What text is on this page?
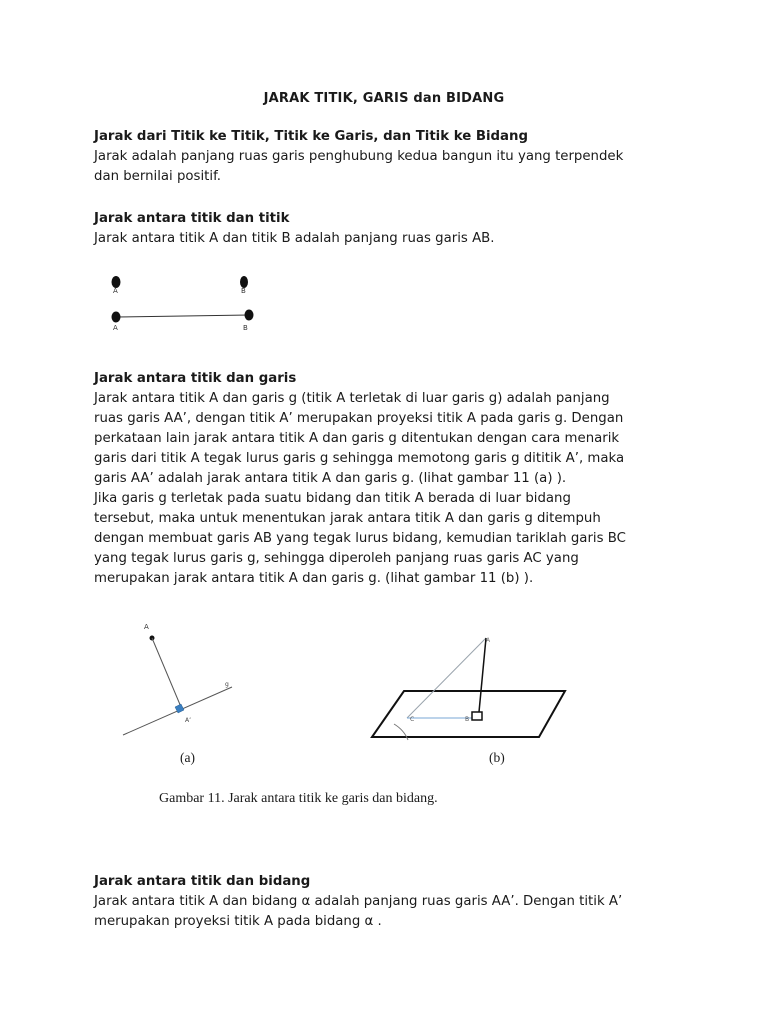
JARAK TITIK, GARIS dan BIDANG
Jarak dari Titik ke Titik, Titik ke Garis, dan Titik ke Bidang
Jarak adalah panjang ruas garis penghubung kedua bangun itu yang terpendek
dan bernilai positif.
Jarak antara titik dan titik
Jarak antara titik A dan titik B adalah panjang ruas garis AB.
A	B
A	B
Jarak antara titik dan garis
Jarak antara titik A dan garis g (titik A terletak di luar garis g) adalah panjang
ruas garis AA’, dengan titik A’ merupakan proyeksi titik A pada garis g. Dengan
perkataan lain jarak antara titik A dan garis g ditentukan dengan cara menarik
garis dari titik A tegak lurus garis g sehingga memotong garis g dititik A’, maka
garis AA’ adalah jarak antara titik A dan garis g. (lihat gambar 11 (a) ).
Jika garis g terletak pada suatu bidang dan titik A berada di luar bidang
tersebut, maka untuk menentukan jarak antara titik A dan garis g ditempuh
dengan membuat garis AB yang tegak lurus bidang, kemudian tariklah garis BC
yang tegak lurus garis g, sehingga diperoleh panjang ruas garis AC yang
merupakan jarak antara titik A dan garis g. (lihat gambar 11 (b) ).
A
g
A’
A
C	B
(a)	(b)
Gambar 11. Jarak antara titik ke garis dan bidang.
Jarak antara titik dan bidang
Jarak antara titik A dan bidang α adalah panjang ruas garis AA’. Dengan titik A’
merupakan proyeksi titik A pada bidang α .
